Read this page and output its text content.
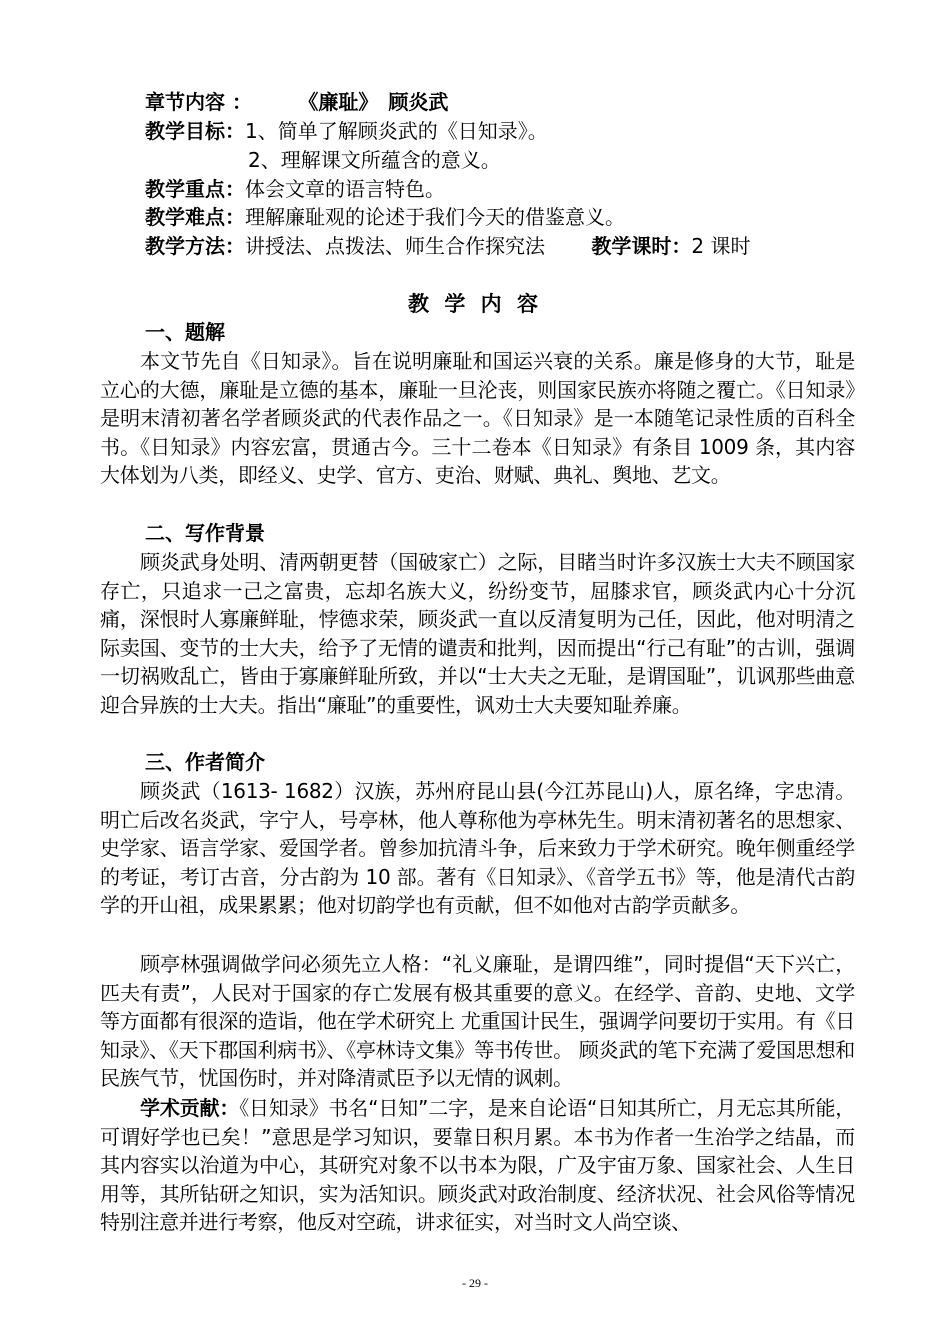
章节内容 ： 《廉耻》　顾炎武
教学目标：1、简单了解顾炎武的《日知录》。
2、理解课文所蕴含的意义。
教学重点：体会文章的语言特色。
教学难点：理解廉耻观的论述于我们今天的借鉴意义。
教学方法：讲授法、点拨法、师生合作探究法 教学课时：2 课时
教 学 内 容
一、题解
本文节先自《日知录》。旨在说明廉耻和国运兴衰的关系。廉是修身的大节，耻是立心的大德，廉耻是立德的基本，廉耻一旦沦丧，则国家民族亦将随之覆亡。《日知录》是明末清初著名学者顾炎武的代表作品之一。《日知录》是一本随笔记录性质的百科全书。《日知录》内容宏富，贯通古今。三十二卷本《日知录》有条目 1009 条，其内容大体划为八类，即经义、史学、官方、吏治、财赋、典礼、舆地、艺文。
二、写作背景
顾炎武身处明、清两朝更替（国破家亡）之际，目睹当时许多汉族士大夫不顾国家存亡，只追求一己之富贵，忘却名族大义，纷纷变节，屈膝求官，顾炎武内心十分沉痛，深恨时人寡廉鲜耻，悖德求荣，顾炎武一直以反清复明为己任，因此，他对明清之际卖国、变节的士大夫，给予了无情的谴责和批判，因而提出“行己有耻”的古训，强调一切祸败乱亡，皆由于寡廉鲜耻所致，并以“士大夫之无耻，是谓国耻”，讥讽那些曲意迎合异族的士大夫。指出“廉耻”的重要性，讽劝士大夫要知耻养廉。
三、作者简介
顾炎武（1613- 1682）汉族，苏州府昆山县(今江苏昆山)人，原名绛，字忠清。明亡后改名炎武，字宁人，号亭林，他人尊称他为亭林先生。明末清初著名的思想家、史学家、语言学家、爱国学者。曾参加抗清斗争，后来致力于学术研究。晚年侧重经学的考证，考订古音，分古韵为 10 部。著有《日知录》、《音学五书》等，他是清代古韵学的开山祖，成果累累；他对切韵学也有贡献，但不如他对古韵学贡献多。
顾亭林强调做学问必须先立人格：“礼义廉耻，是谓四维”，同时提倡“天下兴亡，匹夫有责”，人民对于国家的存亡发展有极其重要的意义。在经学、音韵、史地、文学等方面都有很深的造诣，他在学术研究上 尤重国计民生，强调学问要切于实用。有《日知录》、《天下郡国利病书》、《亭林诗文集》等书传世。 顾炎武的笔下充满了爱国思想和民族气节，忧国伤时，并对降清贰臣予以无情的讽刺。
学术贡献：《日知录》书名“日知”二字，是来自论语“日知其所亡，月无忘其所能，可谓好学也已矣！”意思是学习知识，要靠日积月累。本书为作者一生治学之结晶，而其内容实以治道为中心，其研究对象不以书本为限，广及宇宙万象、国家社会、人生日用等，其所钻研之知识，实为活知识。顾炎武对政治制度、经济状况、社会风俗等情况特别注意并进行考察，他反对空疏，讲求征实，对当时文人尚空谈、
- 29 -
